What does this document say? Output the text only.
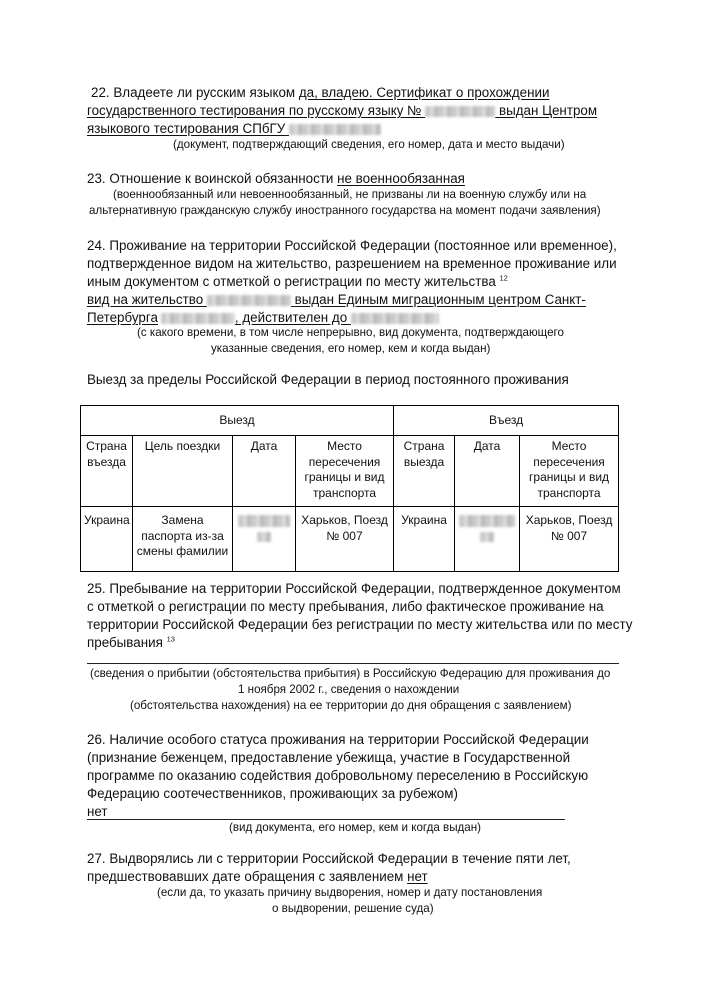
22. Владеете ли русским языком да, владею. Сертификат о прохождении
государственного тестирования по русскому языку №	выдан Центром
языкового тестирования СПбГУ
(документ, подтверждающий сведения, его номер, дата и место выдачи)
23. Отношение к воинской обязанности не военнообязанная
(военнообязанный или невоеннообязанный, не призваны ли на военную службу или на
альтернативную гражданскую службу иностранного государства на момент подачи заявления)
24. Проживание на территории Российской Федерации (постоянное или временное),
подтвержденное видом на жительство, разрешением на временное проживание или
иным документом с отметкой о регистрации по месту жительства $^{12}$
вид на жительство	выдан Единым миграционным центром Санкт-
Петербурга	, действителен до
(с какого времени, в том числе непрерывно, вид документа, подтверждающего
указанные сведения, его номер, кем и когда выдан)
Выезд за пределы Российской Федерации в период постоянного проживания
Выезд				Въезд		
Страна въезда	Цель поездки	Дата	Место пересечения границы и вид транспорта	Страна выезда	Дата	Место пересечения границы и вид транспорта
Украина	Замена паспорта из-за смены фамилии		Харьков, Поезд № 007	Украина		Харьков, Поезд № 007
25. Пребывание на территории Российской Федерации, подтвержденное документом
с отметкой о регистрации по месту пребывания, либо фактическое проживание на
территории Российской Федерации без регистрации по месту жительства или по месту
пребывания $^{13}$
(сведения о прибытии (обстоятельства прибытия) в Российскую Федерацию для проживания до
1 ноября 2002 г., сведения о нахождении
(обстоятельства нахождения) на ее территории до дня обращения с заявлением)
26. Наличие особого статуса проживания на территории Российской Федерации
(признание беженцем, предоставление убежища, участие в Государственной
программе по оказанию содействия добровольному переселению в Российскую
Федерацию соотечественников, проживающих за рубежом)
нет
(вид документа, его номер, кем и когда выдан)
27. Выдворялись ли с территории Российской Федерации в течение пяти лет,
предшествовавших дате обращения с заявлением нет
(если да, то указать причину выдворения, номер и дату постановления
о выдворении, решение суда)
